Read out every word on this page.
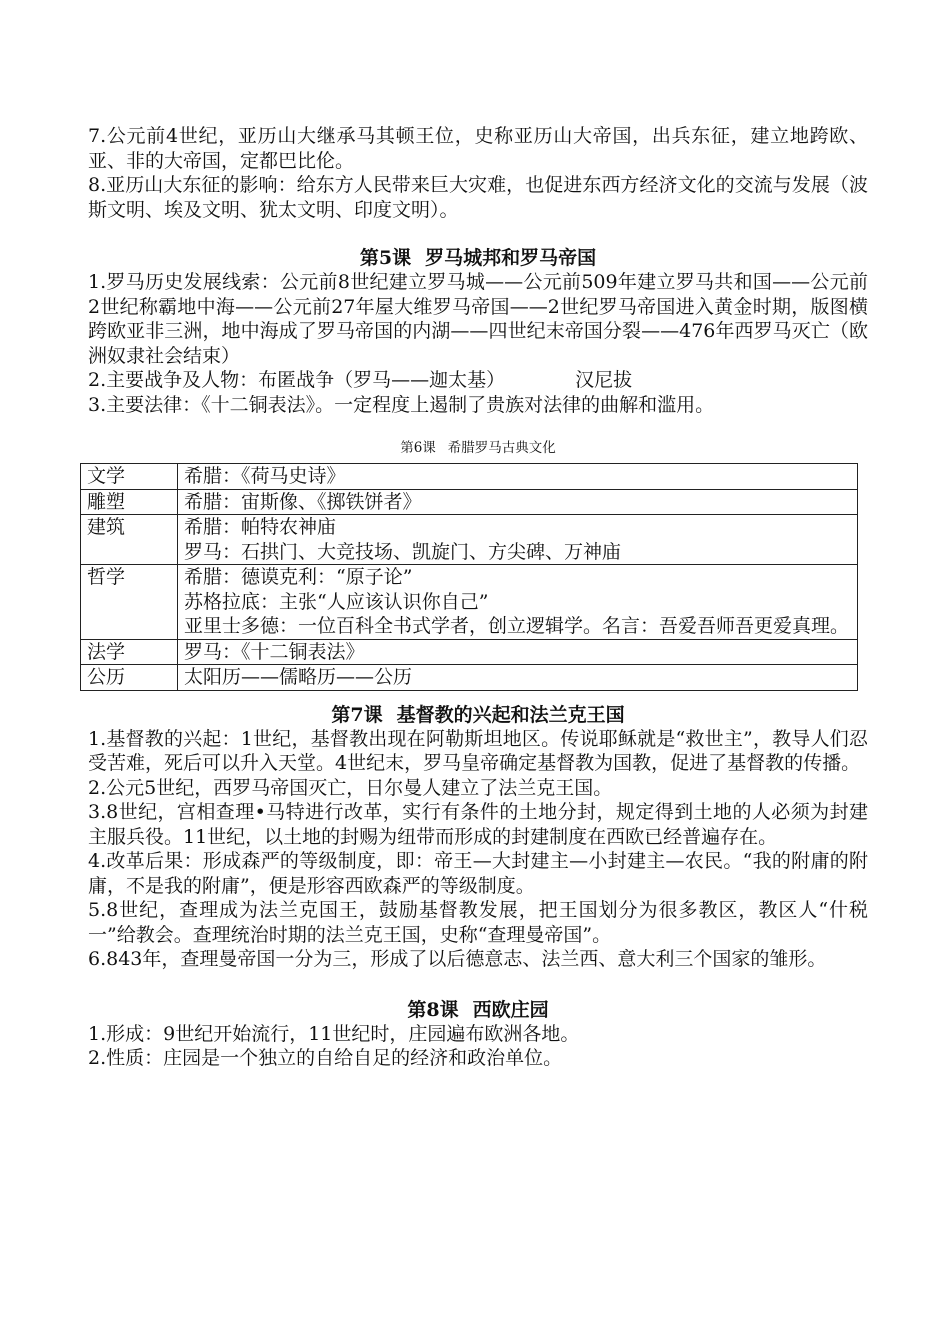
7.公元前4世纪，亚历山大继承马其顿王位，史称亚历山大帝国，出兵东征，建立地跨欧、亚、非的大帝国，定都巴比伦。

8.亚历山大东征的影响：给东方人民带来巨大灾难，也促进东西方经济文化的交流与发展（波斯文明、埃及文明、犹太文明、印度文明）。

第5课 罗马城邦和罗马帝国

1.罗马历史发展线索：公元前8世纪建立罗马城——公元前509年建立罗马共和国——公元前2世纪称霸地中海——公元前27年屋大维罗马帝国——2世纪罗马帝国进入黄金时期，版图横跨欧亚非三洲，地中海成了罗马帝国的内湖——四世纪末帝国分裂——476年西罗马灭亡（欧洲奴隶社会结束）

2.主要战争及人物：布匿战争（罗马——迦太基）	汉尼拔

3.主要法律：《十二铜表法》。一定程度上遏制了贵族对法律的曲解和滥用。

第6课 希腊罗马古典文化

文学	希腊：《荷马史诗》

雕塑	希腊：宙斯像、《掷铁饼者》

建筑	希腊：帕特农神庙
罗马：石拱门、大竞技场、凯旋门、方尖碑、万神庙

哲学	希腊：德谟克利：“原子论”
苏格拉底：主张“人应该认识你自己”
亚里士多德：一位百科全书式学者，创立逻辑学。名言：吾爱吾师吾更爱真理。

法学	罗马：《十二铜表法》

公历	太阳历——儒略历——公历

第7课 基督教的兴起和法兰克王国

1.基督教的兴起：1世纪，基督教出现在阿勒斯坦地区。传说耶稣就是“救世主”，教导人们忍受苦难，死后可以升入天堂。4世纪末，罗马皇帝确定基督教为国教，促进了基督教的传播。

2.公元5世纪，西罗马帝国灭亡，日尔曼人建立了法兰克王国。

3.8世纪，宫相查理•马特进行改革，实行有条件的土地分封，规定得到土地的人必须为封建主服兵役。11世纪，以土地的封赐为纽带而形成的封建制度在西欧已经普遍存在。

4.改革后果：形成森严的等级制度，即：帝王—大封建主—小封建主—农民。“我的附庸的附庸，不是我的附庸”，便是形容西欧森严的等级制度。

5.8世纪，查理成为法兰克国王，鼓励基督教发展，把王国划分为很多教区，教区人“什税一”给教会。查理统治时期的法兰克王国，史称“查理曼帝国”。

6.843年，查理曼帝国一分为三，形成了以后德意志、法兰西、意大利三个国家的雏形。

第8课 西欧庄园

1.形成：9世纪开始流行，11世纪时，庄园遍布欧洲各地。

2.性质：庄园是一个独立的自给自足的经济和政治单位。
